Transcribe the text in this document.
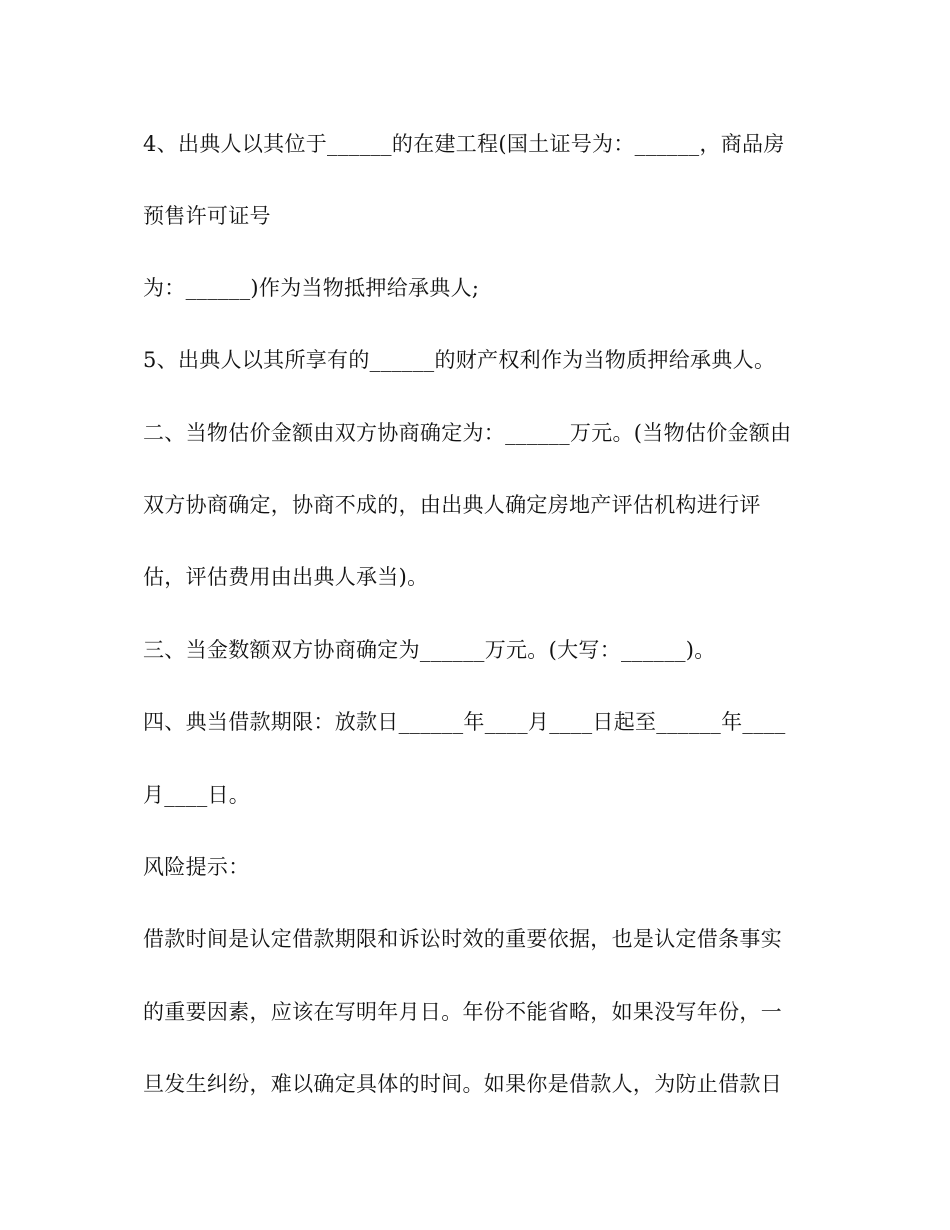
4、出典人以其位于______的在建工程(国土证号为：______，商品房

预售许可证号

为：______)作为当物抵押给承典人;

5、出典人以其所享有的______的财产权利作为当物质押给承典人。

二、当物估价金额由双方协商确定为：______万元。(当物估价金额由

双方协商确定，协商不成的，由出典人确定房地产评估机构进行评

估，评估费用由出典人承当)。

三、当金数额双方协商确定为______万元。(大写：______)。

四、典当借款期限：放款日______年____月____日起至______年____

月____日。

风险提示：

借款时间是认定借款期限和诉讼时效的重要依据，也是认定借条事实

的重要因素，应该在写明年月日。年份不能省略，如果没写年份，一

旦发生纠纷，难以确定具体的时间。如果你是借款人，为防止借款日
